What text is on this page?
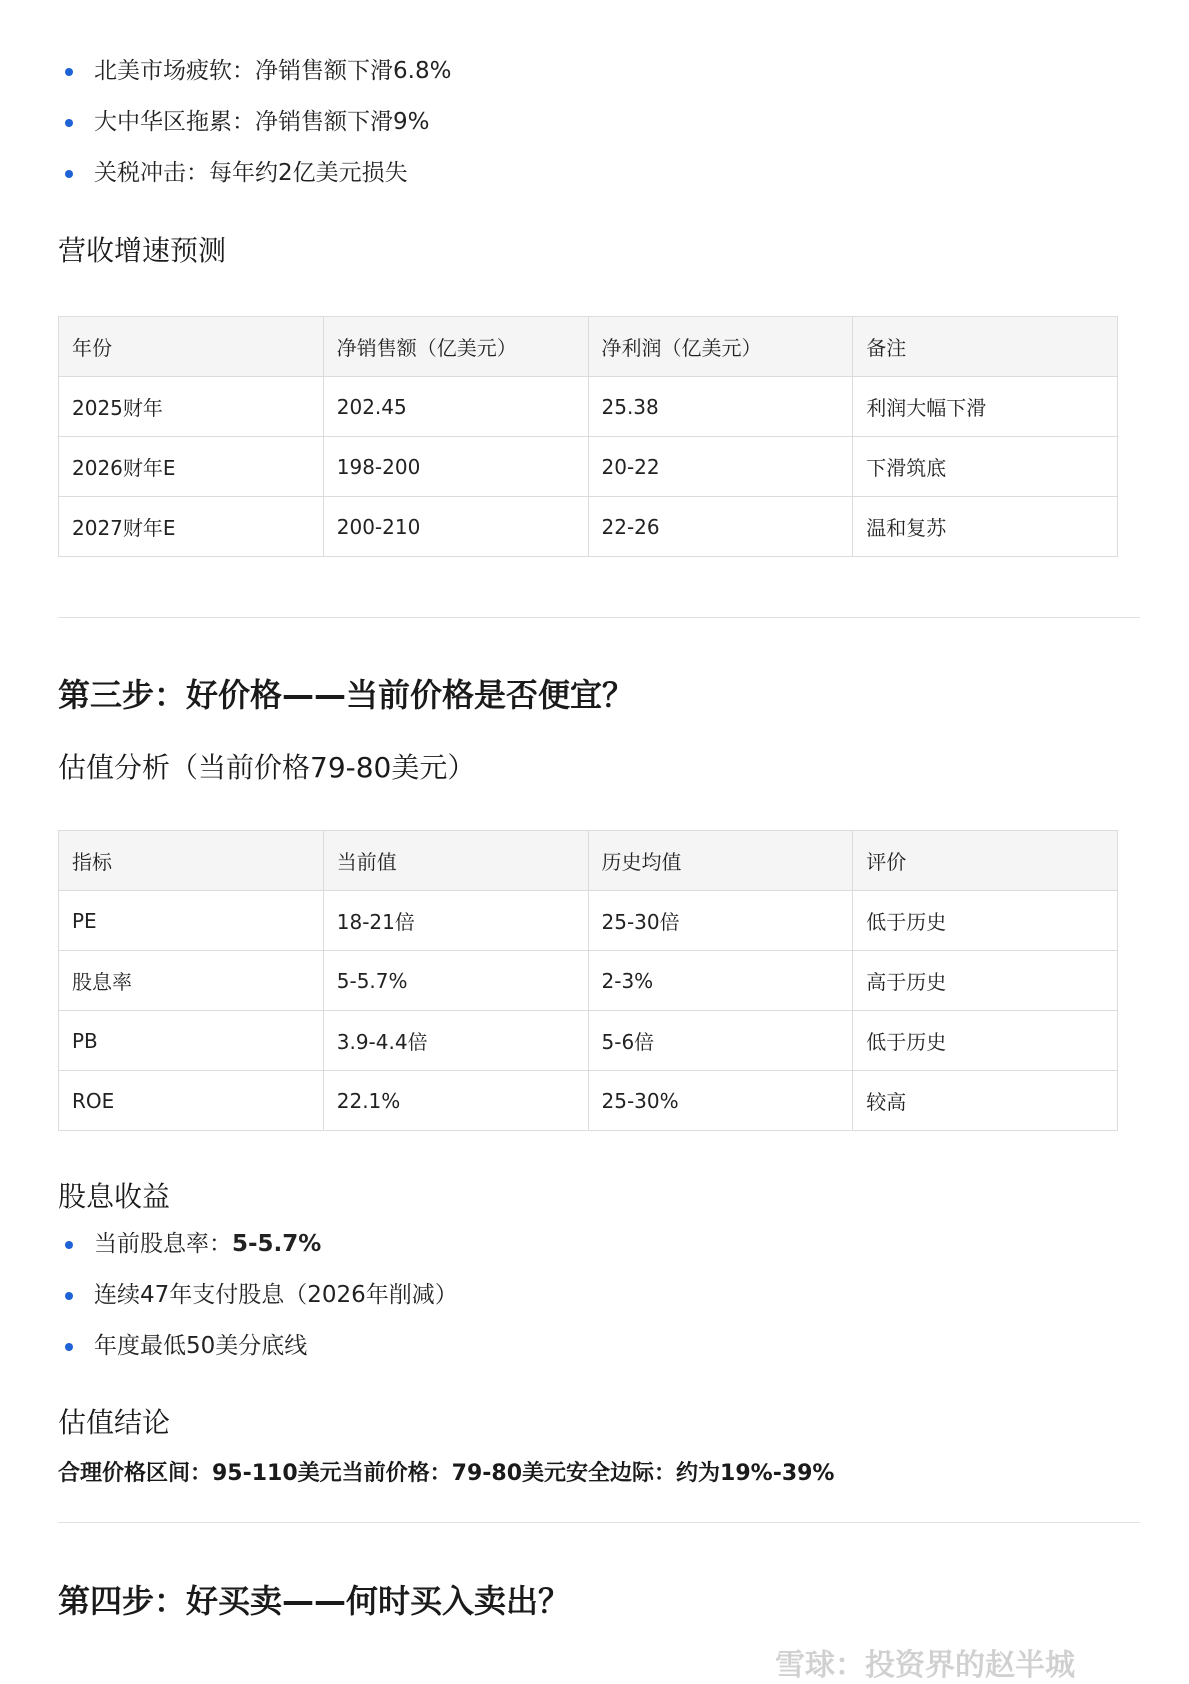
北美市场疲软：净销售额下滑6.8%
大中华区拖累：净销售额下滑9%
关税冲击：每年约2亿美元损失
营收增速预测
年份	净销售额（亿美元）	净利润（亿美元）	备注
2025财年	202.45	25.38	利润大幅下滑
2026财年E	198-200	20-22	下滑筑底
2027财年E	200-210	22-26	温和复苏
第三步：好价格——当前价格是否便宜？
估值分析（当前价格79-80美元）
指标	当前值	历史均值	评价
PE	18-21倍	25-30倍	低于历史
股息率	5-5.7%	2-3%	高于历史
PB	3.9-4.4倍	5-6倍	低于历史
ROE	22.1%	25-30%	较高
股息收益
当前股息率：5-5.7%
连续47年支付股息（2026年削减）
年度最低50美分底线
估值结论
合理价格区间：95-110美元当前价格：79-80美元安全边际：约为19%-39%
第四步：好买卖——何时买入卖出？
雪球：投资界的赵半城
